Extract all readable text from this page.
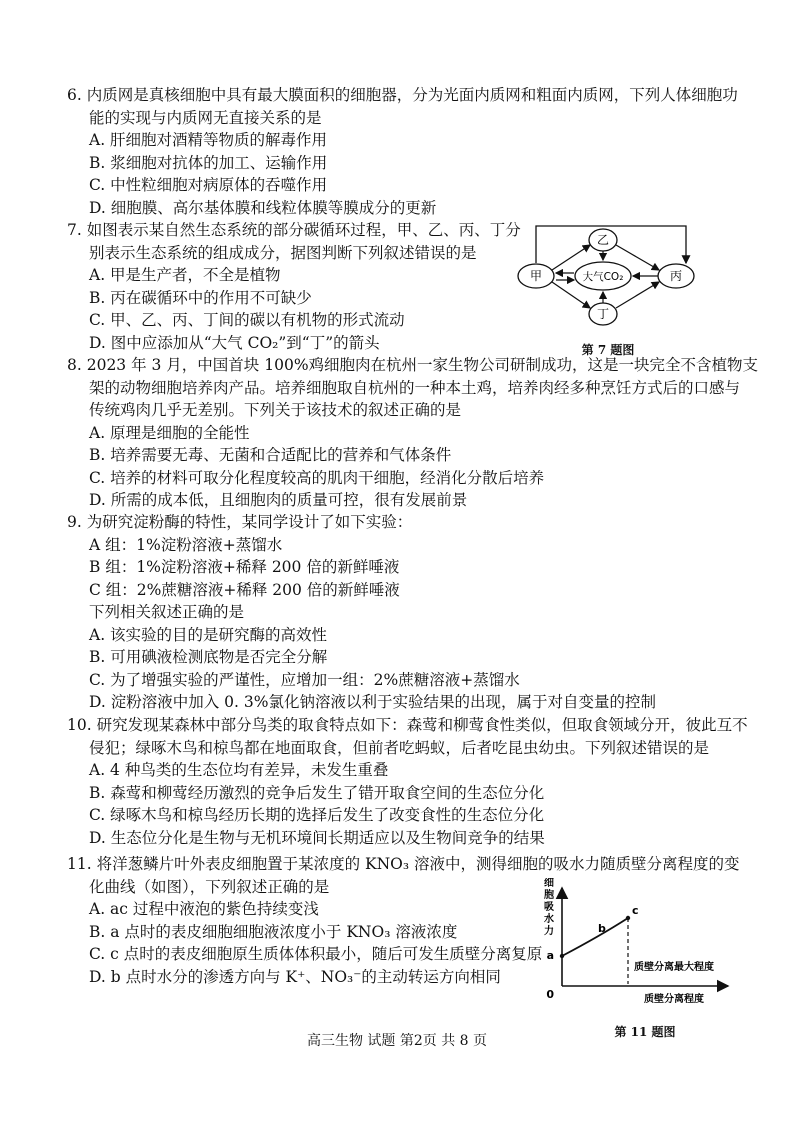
6. 内质网是真核细胞中具有最大膜面积的细胞器，分为光面内质网和粗面内质网，下列人体细胞功
能的实现与内质网无直接关系的是
A. 肝细胞对酒精等物质的解毒作用
B. 浆细胞对抗体的加工、运输作用
C. 中性粒细胞对病原体的吞噬作用
D. 细胞膜、高尔基体膜和线粒体膜等膜成分的更新
7. 如图表示某自然生态系统的部分碳循环过程，甲、乙、丙、丁分
别表示生态系统的组成成分，据图判断下列叙述错误的是
A. 甲是生产者，不全是植物
B. 丙在碳循环中的作用不可缺少
C. 甲、乙、丙、丁间的碳以有机物的形式流动
D. 图中应添加从“大气 CO₂”到“丁”的箭头
甲
乙
大气CO₂
丁
丙
第 7 题图
8. 2023 年 3 月，中国首块 100%鸡细胞肉在杭州一家生物公司研制成功，这是一块完全不含植物支
架的动物细胞培养肉产品。培养细胞取自杭州的一种本土鸡，培养肉经多种烹饪方式后的口感与
传统鸡肉几乎无差别。下列关于该技术的叙述正确的是
A. 原理是细胞的全能性
B. 培养需要无毒、无菌和合适配比的营养和气体条件
C. 培养的材料可取分化程度较高的肌肉干细胞，经消化分散后培养
D. 所需的成本低，且细胞肉的质量可控，很有发展前景
9. 为研究淀粉酶的特性，某同学设计了如下实验：
A 组：1%淀粉溶液+蒸馏水
B 组：1%淀粉溶液+稀释 200 倍的新鲜唾液
C 组：2%蔗糖溶液+稀释 200 倍的新鲜唾液
下列相关叙述正确的是
A. 该实验的目的是研究酶的高效性
B. 可用碘液检测底物是否完全分解
C. 为了增强实验的严谨性，应增加一组：2%蔗糖溶液+蒸馏水
D. 淀粉溶液中加入 0. 3%氯化钠溶液以利于实验结果的出现，属于对自变量的控制
10. 研究发现某森林中部分鸟类的取食特点如下：森莺和柳莺食性类似，但取食领域分开，彼此互不
侵犯；绿啄木鸟和椋鸟都在地面取食，但前者吃蚂蚁，后者吃昆虫幼虫。下列叙述错误的是
A. 4 种鸟类的生态位均有差异，未发生重叠
B. 森莺和柳莺经历激烈的竞争后发生了错开取食空间的生态位分化
C. 绿啄木鸟和椋鸟经历长期的选择后发生了改变食性的生态位分化
D. 生态位分化是生物与无机环境间长期适应以及生物间竞争的结果
11. 将洋葱鳞片叶外表皮细胞置于某浓度的 KNO₃ 溶液中，测得细胞的吸水力随质壁分离程度的变
化曲线（如图），下列叙述正确的是
A. ac 过程中液泡的紫色持续变浅
B. a 点时的表皮细胞细胞液浓度小于 KNO₃ 溶液浓度
C. c 点时的表皮细胞原生质体体积最小，随后可发生质壁分离复原
D. b 点时水分的渗透方向与 K⁺、NO₃⁻的主动转运方向相同
细胞吸水力
a
b
c
质壁分离最大程度
0	质壁分离程度
第 11 题图
高三生物 试题 第2页 共 8 页
